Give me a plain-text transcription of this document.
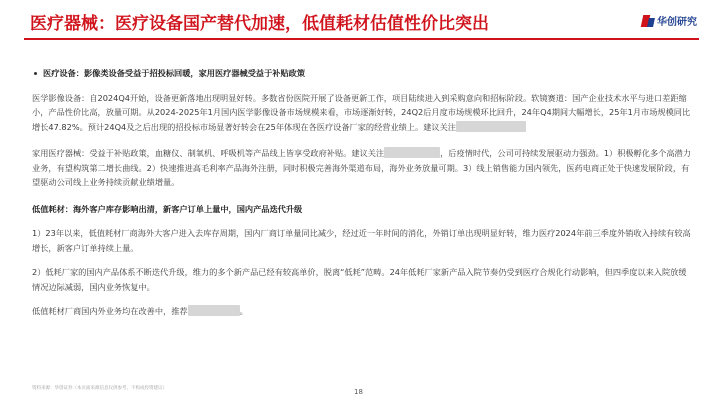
医疗器械：医疗设备国产替代加速，低值耗材估值性价比突出	华创研究

医疗设备：影像类设备受益于招投标回暖，家用医疗器械受益于补贴政策

医学影像设备：自2024Q4开始，设备更新落地出现明显好转。多数省份医院开展了设备更新工作，项目陆续进入到采购意向和招标阶段。软镜赛道：国产企业技术水平与进口差距缩小，产品性价比高，放量可期。从2024-2025年1月国内医学影像设备市场规模来看，市场逐渐好转，24Q2后月度市场规模环比回升，24年Q4期间大幅增长，25年1月市场规模同比增长47.82%。预计24Q4及之后出现的招投标市场显著好转会在25年体现在各医疗设备厂家的经营业绩上。建议关注

家用医疗器械：受益于补贴政策，血糖仪、制氧机、呼吸机等产品线上皆享受政府补贴。建议关注	，后疫情时代，公司可持续发展驱动力强劲。1）积极孵化多个高潜力业务，有望构筑第二增长曲线。2）快速推进高毛利率产品海外注册，同时积极完善海外渠道布局，海外业务放量可期。3）线上销售能力国内领先，医药电商正处于快速发展阶段，有望驱动公司线上业务持续贡献业绩增量。

低值耗材：海外客户库存影响出清，新客户订单上量中，国内产品迭代升级

1）23年以来，低值耗材厂商海外大客户进入去库存周期，国内厂商订单量同比减少，经过近一年时间的消化，外销订单出现明显好转，维力医疗2024年前三季度外销收入持续有较高增长，新客户订单持续上量。

2）低耗厂家的国内产品体系不断迭代升级，维力的多个新产品已经有较高单价，脱离“低耗”范畴。24年低耗厂家新产品入院节奏仍受到医疗合规化行动影响，但四季度以来入院放缓情况边际减弱，国内业务恢复中。

低值耗材厂商国内外业务均在改善中，推荐	。

资料来源：华创证券（本页面来源信息仅供参考，不构成投资建议）	18
